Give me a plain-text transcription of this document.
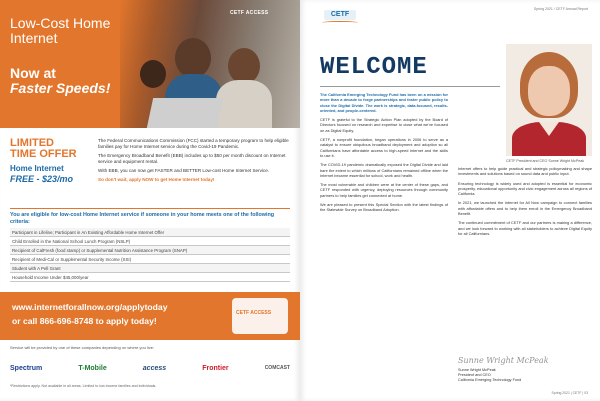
CETF ACCESS
Low-Cost Home Internet
Now at
Faster Speeds!
LIMITED
TIME OFFER
Home Internet
FREE - $23/mo

The Federal Communications Commission (FCC) started a temporary program to help eligible families pay for Home Internet service during the Covid-19 Pandemic.

The Emergency Broadband Benefit (EBB) includes up to $50 per month discount on Internet service and equipment rental.

With EBB, you can now get FASTER and BETTER Low-cost Home Internet Service.

So don't wait, apply NOW to get Home Internet today!

You are eligible for low-cost Home Internet service if someone in your home meets one of the following criteria:
Participant in Lifeline; Participant in An Existing Affordable Home Internet Offer
Child Enrolled in the National School Lunch Program (NSLP)
Recipient of CalFresh (food stamp) or Supplemental Nutrition Assistance Program (SNAP)
Recipient of Medi-Cal or Supplemental Security Income (SSI)
Student with A Pell Grant
Household Income Under $45,000/year
www.internetforallnow.org/applytoday
or call 866-696-8748 to apply today!
CETF ACCESS
Service will be provided by one of these companies depending on where you live:
Spectrum	T-Mobile	access	Frontier	COMCAST
*Restrictions apply. Not available in all areas. Limited to low-income families and individuals.
CETF
Spring 2021 / CETF Annual Report
WELCOME
CETF President and CEO Sunne Wright McPeak

The California Emerging Technology Fund has been on a mission for more than a decade to forge partnerships and foster public policy to close the Digital Divide. The work is strategic, data-focused, results-oriented, and people-centered.

CETF is grateful to the Strategic Action Plan adopted by the Board of Directors focused on research and expertise to close what we've focused on as Digital Equity.

CETF, a nonprofit foundation, began operations in 2006 to serve as a catalyst to ensure ubiquitous broadband deployment and adoption so all Californians have affordable access to high-speed Internet and the skills to use it.

The COVID-19 pandemic dramatically exposed the Digital Divide and laid bare the extent to which millions of Californians remained offline when the Internet became essential for school, work and health.

The most vulnerable and children were at the center of these gaps, and CETF responded with urgency, deploying resources through community partners to help families get connected at home.

We are pleased to present this Special Section with the latest findings of the Statewide Survey on Broadband Adoption.

Internet offers to help guide practical and strategic policymaking and shape investments and solutions based on sound data and public input.

Ensuring technology is widely used and adopted is essential for economic prosperity, educational opportunity and civic engagement across all regions of California.

In 2021, we launched the Internet for All Now campaign to connect families with affordable offers and to help them enroll in the Emergency Broadband Benefit.

The continued commitment of CETF and our partners is making a difference, and we look forward to working with all stakeholders to achieve Digital Equity for all Californians.

Sunne Wright McPeak
Sunne Wright McPeak
President and CEO
California Emerging Technology Fund
Spring 2021 | CETF | 03
